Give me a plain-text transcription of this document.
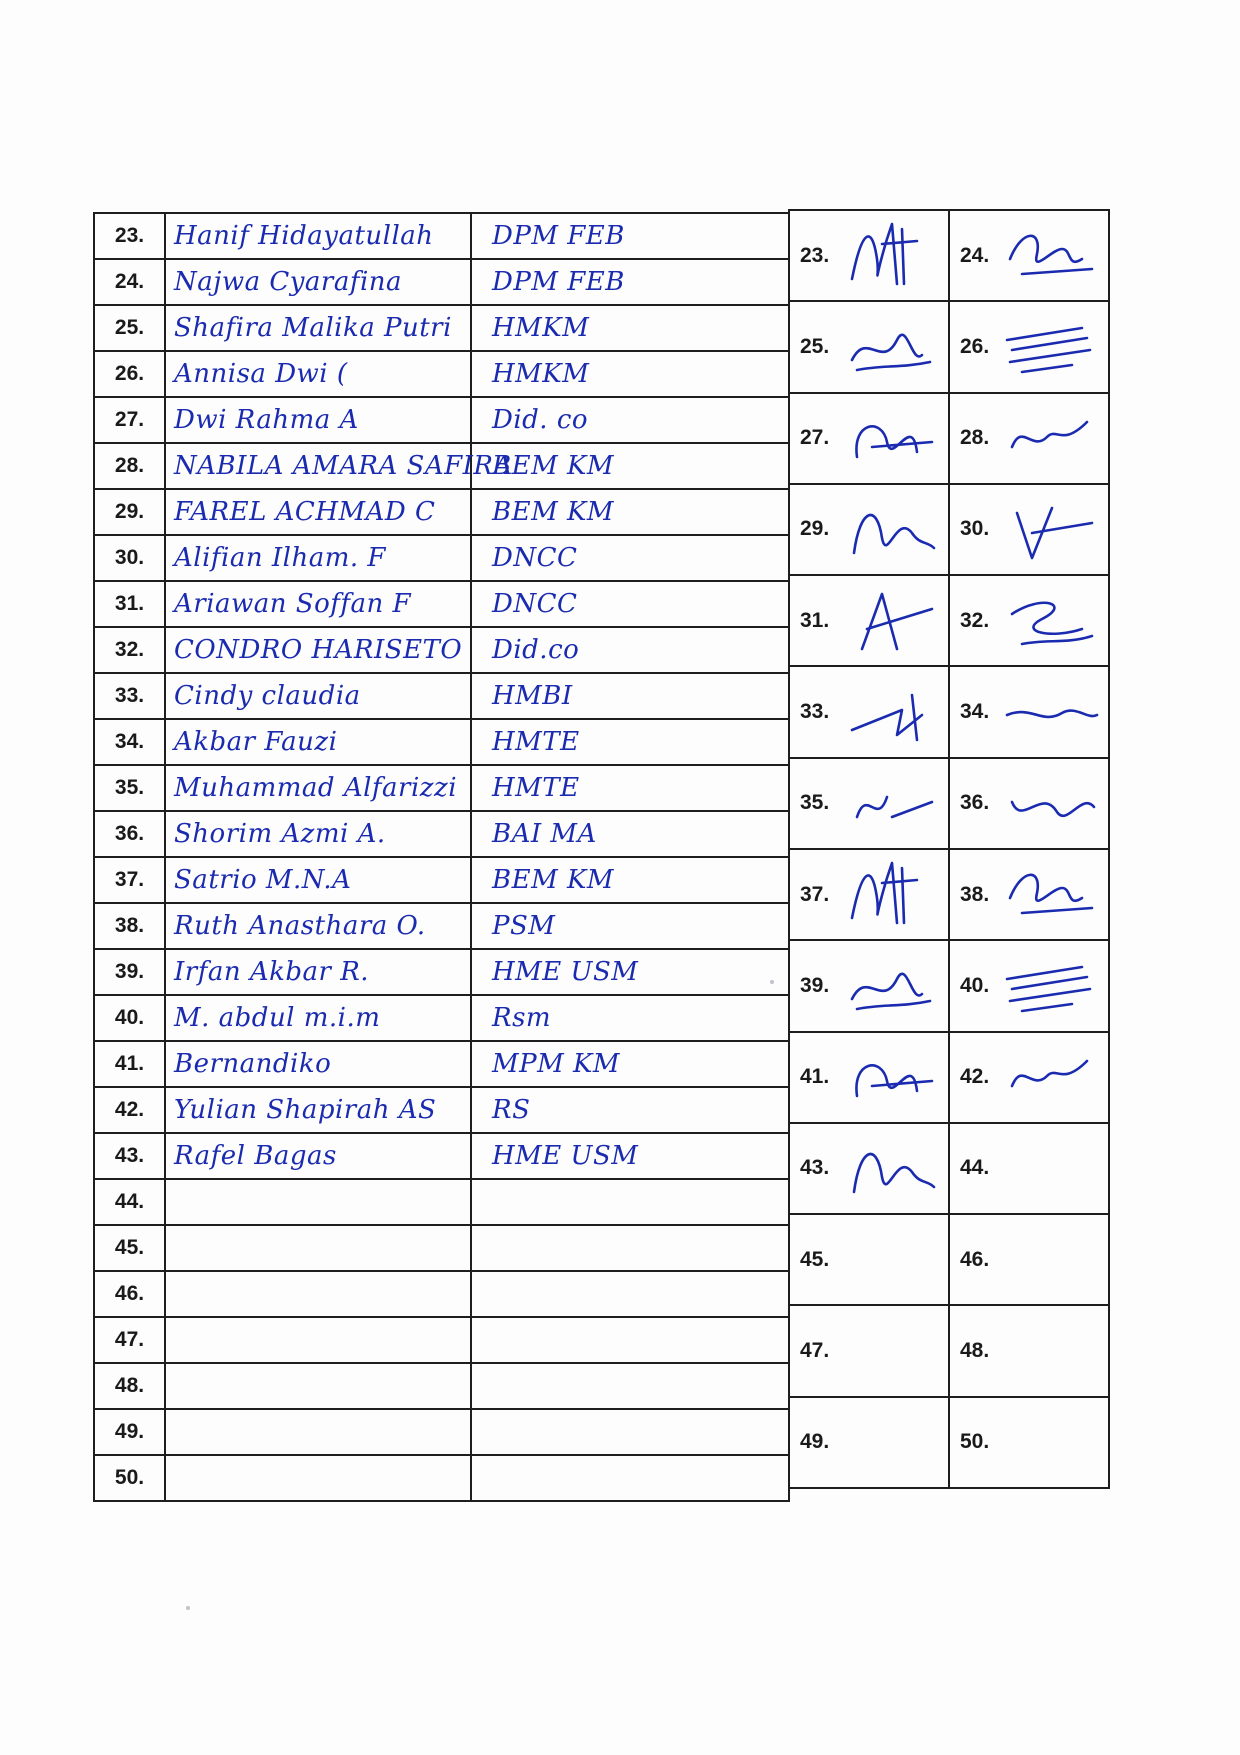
23.	Hanif Hidayatullah	DPM FEB
24.	Najwa Cyarafina	DPM FEB
25.	Shafira Malika Putri	HMKM
26.	Annisa Dwi (	HMKM
27.	Dwi Rahma A	Did. co
28.	NABILA AMARA SAFIRA	BEM KM
29.	FAREL ACHMAD C	BEM KM
30.	Alifian Ilham. F	DNCC
31.	Ariawan Soffan F	DNCC
32.	CONDRO HARISETO	Did.co
33.	Cindy claudia	HMBI
34.	Akbar Fauzi	HMTE
35.	Muhammad Alfarizzi	HMTE
36.	Shorim Azmi A.	BAI MA
37.	Satrio M.N.A	BEM KM
38.	Ruth Anasthara O.	PSM
39.	Irfan Akbar R.	HME USM
40.	M. abdul m.i.m	Rsm
41.	Bernandiko	MPM KM
42.	Yulian Shapirah AS	RS
43.	Rafel Bagas	HME USM
44.		
45.		
46.		
47.		
48.		
49.		
50.		
23.	24.

25.	26.

27.	28.

29.	30.

31.	32.

33.	34.

35.	36.

37.	38.

39.	40.

41.	42.

43.	44.

45.	46.

47.	48.

49.	50.
